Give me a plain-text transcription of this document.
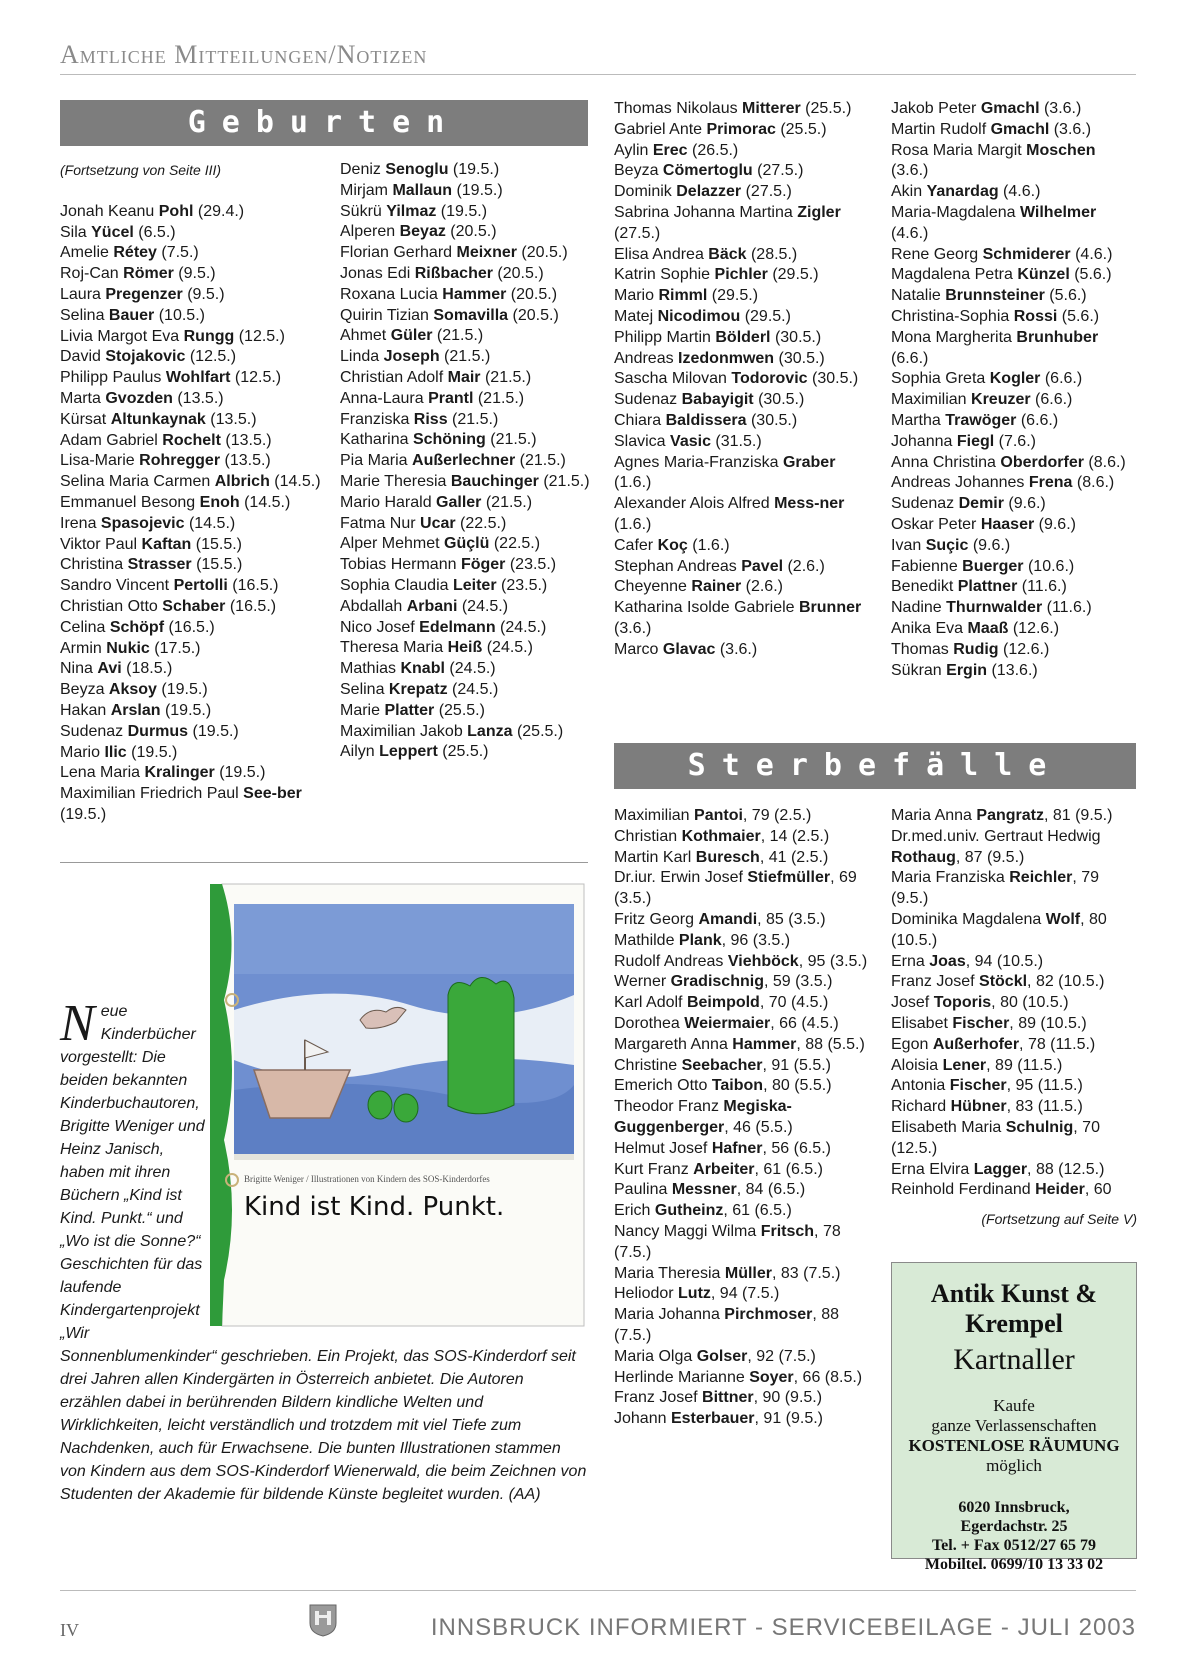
Amtliche Mitteilungen/Notizen
Geburten
(Fortsetzung von Seite III)
Jonah Keanu Pohl (29.4.)
Sila Yücel (6.5.)
Amelie Rétey (7.5.)
Roj-Can Römer (9.5.)
Laura Pregenzer (9.5.)
Selina Bauer (10.5.)
Livia Margot Eva Rungg (12.5.)
David Stojakovic (12.5.)
Philipp Paulus Wohlfart (12.5.)
Marta Gvozden (13.5.)
Kürsat Altunkaynak (13.5.)
Adam Gabriel Rochelt (13.5.)
Lisa-Marie Rohregger (13.5.)
Selina Maria Carmen Albrich (14.5.)
Emmanuel Besong Enoh (14.5.)
Irena Spasojevic (14.5.)
Viktor Paul Kaftan (15.5.)
Christina Strasser (15.5.)
Sandro Vincent Pertolli (16.5.)
Christian Otto Schaber (16.5.)
Celina Schöpf (16.5.)
Armin Nukic (17.5.)
Nina Avi (18.5.)
Beyza Aksoy (19.5.)
Hakan Arslan (19.5.)
Sudenaz Durmus (19.5.)
Mario Ilic (19.5.)
Lena Maria Kralinger (19.5.)
Maximilian Friedrich Paul See-ber (19.5.)
Deniz Senoglu (19.5.)
Mirjam Mallaun (19.5.)
Sükrü Yilmaz (19.5.)
Alperen Beyaz (20.5.)
Florian Gerhard Meixner (20.5.)
Jonas Edi Rißbacher (20.5.)
Roxana Lucia Hammer (20.5.)
Quirin Tizian Somavilla (20.5.)
Ahmet Güler (21.5.)
Linda Joseph (21.5.)
Christian Adolf Mair (21.5.)
Anna-Laura Prantl (21.5.)
Franziska Riss (21.5.)
Katharina Schöning (21.5.)
Pia Maria Außerlechner (21.5.)
Marie Theresia Bauchinger (21.5.)
Mario Harald Galler (21.5.)
Fatma Nur Ucar (22.5.)
Alper Mehmet Güçlü (22.5.)
Tobias Hermann Föger (23.5.)
Sophia Claudia Leiter (23.5.)
Abdallah Arbani (24.5.)
Nico Josef Edelmann (24.5.)
Theresa Maria Heiß (24.5.)
Mathias Knabl (24.5.)
Selina Krepatz (24.5.)
Marie Platter (25.5.)
Maximilian Jakob Lanza (25.5.)
Ailyn Leppert (25.5.)
Thomas Nikolaus Mitterer (25.5.)
Gabriel Ante Primorac (25.5.)
Aylin Erec (26.5.)
Beyza Cömertoglu (27.5.)
Dominik Delazzer (27.5.)
Sabrina Johanna Martina Zigler (27.5.)
Elisa Andrea Bäck (28.5.)
Katrin Sophie Pichler (29.5.)
Mario Rimml (29.5.)
Matej Nicodimou (29.5.)
Philipp Martin Bölderl (30.5.)
Andreas Izedonmwen (30.5.)
Sascha Milovan Todorovic (30.5.)
Sudenaz Babayigit (30.5.)
Chiara Baldissera (30.5.)
Slavica Vasic (31.5.)
Agnes Maria-Franziska Graber (1.6.)
Alexander Alois Alfred Mess-ner (1.6.)
Cafer Koç (1.6.)
Stephan Andreas Pavel (2.6.)
Cheyenne Rainer (2.6.)
Katharina Isolde Gabriele Brunner (3.6.)
Marco Glavac (3.6.)
Jakob Peter Gmachl (3.6.)
Martin Rudolf Gmachl (3.6.)
Rosa Maria Margit Moschen (3.6.)
Akin Yanardag (4.6.)
Maria-Magdalena Wilhelmer (4.6.)
Rene Georg Schmiderer (4.6.)
Magdalena Petra Künzel (5.6.)
Natalie Brunnsteiner (5.6.)
Christina-Sophia Rossi (5.6.)
Mona Margherita Brunhuber (6.6.)
Sophia Greta Kogler (6.6.)
Maximilian Kreuzer (6.6.)
Martha Trawöger (6.6.)
Johanna Fiegl (7.6.)
Anna Christina Oberdorfer (8.6.)
Andreas Johannes Frena (8.6.)
Sudenaz Demir (9.6.)
Oskar Peter Haaser (9.6.)
Ivan Suçic (9.6.)
Fabienne Buerger (10.6.)
Benedikt Plattner (11.6.)
Nadine Thurnwalder (11.6.)
Anika Eva Maaß (12.6.)
Thomas Rudig (12.6.)
Sükran Ergin (13.6.)
Brigitte Weniger / Illustrationen von Kindern des SOS-Kinderdorfes
Kind ist Kind. Punkt.
Neue Kinderbücher vorgestellt: Die beiden bekannten Kinderbuchautoren, Brigitte Weniger und Heinz Janisch, haben mit ihren Büchern „Kind ist Kind. Punkt.“ und „Wo ist die Sonne?“ Geschichten für das laufende Kindergartenprojekt „Wir Sonnenblumenkinder“ geschrieben. Ein Projekt, das SOS-Kinderdorf seit drei Jahren allen Kindergärten in Österreich anbietet. Die Autoren erzählen dabei in berührenden Bildern kindliche Welten und Wirklichkeiten, leicht verständlich und trotzdem mit viel Tiefe zum Nachdenken, auch für Erwachsene. Die bunten Illustrationen stammen von Kindern aus dem SOS-Kinderdorf Wienerwald, die beim Zeichnen von Studenten der Akademie für bildende Künste begleitet wurden. (AA)
Sterbefälle
Maximilian Pantoi, 79 (2.5.)
Christian Kothmaier, 14 (2.5.)
Martin Karl Buresch, 41 (2.5.)
Dr.iur. Erwin Josef Stiefmüller, 69 (3.5.)
Fritz Georg Amandi, 85 (3.5.)
Mathilde Plank, 96 (3.5.)
Rudolf Andreas Viehböck, 95 (3.5.)
Werner Gradischnig, 59 (3.5.)
Karl Adolf Beimpold, 70 (4.5.)
Dorothea Weiermaier, 66 (4.5.)
Margareth Anna Hammer, 88 (5.5.)
Christine Seebacher, 91 (5.5.)
Emerich Otto Taibon, 80 (5.5.)
Theodor Franz Megiska-Guggenberger, 46 (5.5.)
Helmut Josef Hafner, 56 (6.5.)
Kurt Franz Arbeiter, 61 (6.5.)
Paulina Messner, 84 (6.5.)
Erich Gutheinz, 61 (6.5.)
Nancy Maggi Wilma Fritsch, 78 (7.5.)
Maria Theresia Müller, 83 (7.5.)
Heliodor Lutz, 94 (7.5.)
Maria Johanna Pirchmoser, 88 (7.5.)
Maria Olga Golser, 92 (7.5.)
Herlinde Marianne Soyer, 66 (8.5.)
Franz Josef Bittner, 90 (9.5.)
Johann Esterbauer, 91 (9.5.)
Maria Anna Pangratz, 81 (9.5.)
Dr.med.univ. Gertraut Hedwig Rothaug, 87 (9.5.)
Maria Franziska Reichler, 79 (9.5.)
Dominika Magdalena Wolf, 80 (10.5.)
Erna Joas, 94 (10.5.)
Franz Josef Stöckl, 82 (10.5.)
Josef Toporis, 80 (10.5.)
Elisabet Fischer, 89 (10.5.)
Egon Außerhofer, 78 (11.5.)
Aloisia Lener, 89 (11.5.)
Antonia Fischer, 95 (11.5.)
Richard Hübner, 83 (11.5.)
Elisabeth Maria Schulnig, 70 (12.5.)
Erna Elvira Lagger, 88 (12.5.)
Reinhold Ferdinand Heider, 60
(Fortsetzung auf Seite V)
Antik Kunst & Krempel
Kartnaller
Kaufe
ganze Verlassenschaften
KOSTENLOSE RÄUMUNG
möglich
6020 Innsbruck,
Egerdachstr. 25
Tel. + Fax 0512/27 65 79
Mobiltel. 0699/10 13 33 02
IV	INNSBRUCK INFORMIERT - SERVICEBEILAGE - JULI 2003
